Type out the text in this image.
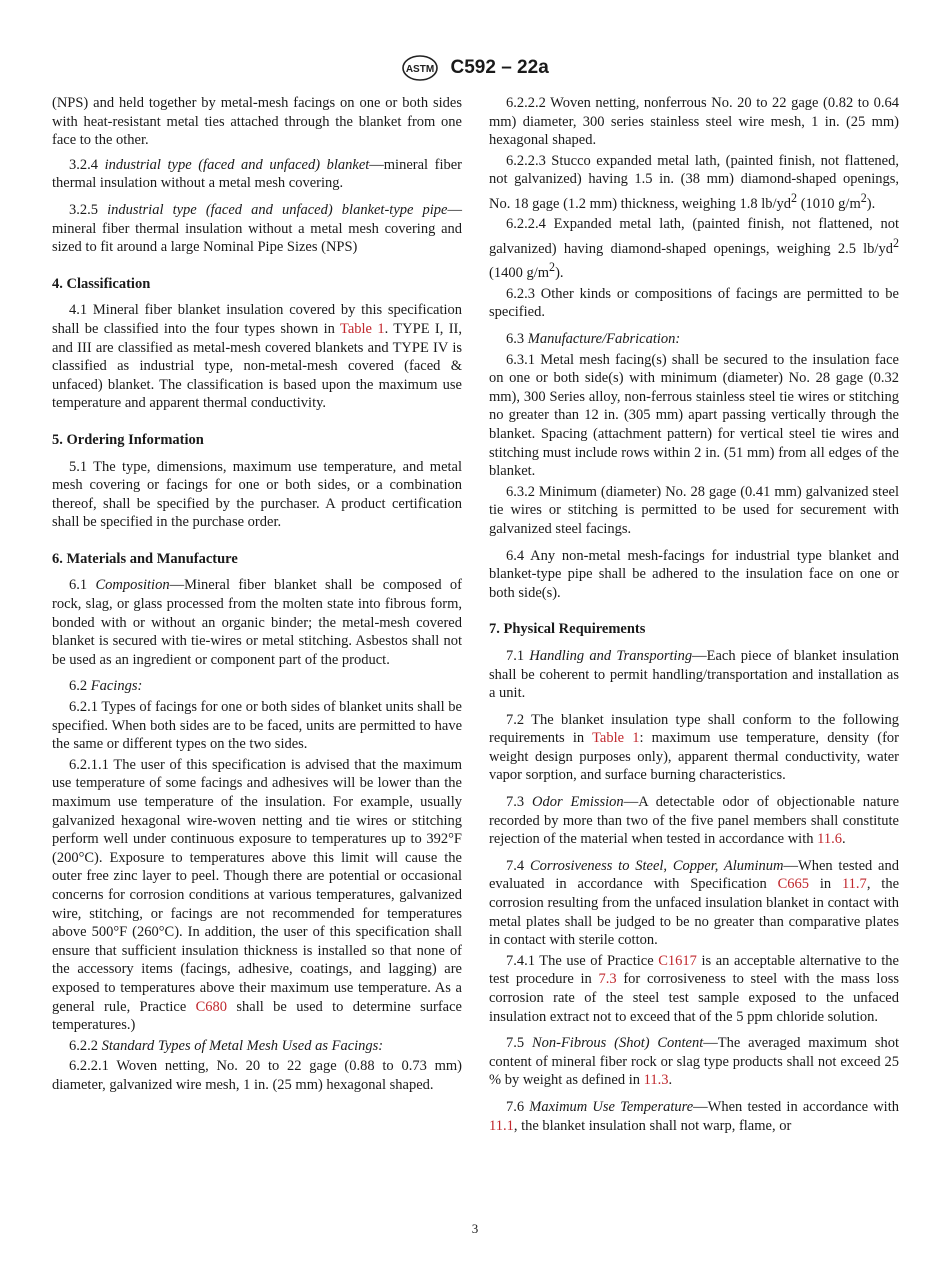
ASTM C592 – 22a

(NPS) and held together by metal-mesh facings on one or both sides with heat-resistant metal ties attached through the blanket from one face to the other.

3.2.4 industrial type (faced and unfaced) blanket—mineral fiber thermal insulation without a metal mesh covering.

3.2.5 industrial type (faced and unfaced) blanket-type pipe—mineral fiber thermal insulation without a metal mesh covering and sized to fit around a large Nominal Pipe Sizes (NPS)

4. Classification

4.1 Mineral fiber blanket insulation covered by this specification shall be classified into the four types shown in Table 1. TYPE I, II, and III are classified as metal-mesh covered blankets and TYPE IV is classified as industrial type, non-metal-mesh covered (faced & unfaced) blanket. The classification is based upon the maximum use temperature and apparent thermal conductivity.

5. Ordering Information

5.1 The type, dimensions, maximum use temperature, and metal mesh covering or facings for one or both sides, or a combination thereof, shall be specified by the purchaser. A product certification shall be specified in the purchase order.

6. Materials and Manufacture

6.1 Composition—Mineral fiber blanket shall be composed of rock, slag, or glass processed from the molten state into fibrous form, bonded with or without an organic binder; the metal-mesh covered blanket is secured with tie-wires or metal stitching. Asbestos shall not be used as an ingredient or component part of the product.

6.2 Facings:

6.2.1 Types of facings for one or both sides of blanket units shall be specified. When both sides are to be faced, units are permitted to have the same or different types on the two sides.

6.2.1.1 The user of this specification is advised that the maximum use temperature of some facings and adhesives will be lower than the maximum use temperature of the insulation. For example, usually galvanized hexagonal wire-woven netting and tie wires or stitching perform well under continuous exposure to temperatures up to 392°F (200°C). Exposure to temperatures above this limit will cause the outer free zinc layer to peel. Though there are potential or occasional concerns for corrosion conditions at various temperatures, galvanized wire, stitching, or facings are not recommended for temperatures above 500°F (260°C). In addition, the user of this specification shall ensure that sufficient insulation thickness is installed so that none of the accessory items (facings, adhesive, coatings, and lagging) are exposed to temperatures above their maximum use temperature. As a general rule, Practice C680 shall be used to determine surface temperatures.)

6.2.2 Standard Types of Metal Mesh Used as Facings:

6.2.2.1 Woven netting, No. 20 to 22 gage (0.88 to 0.73 mm) diameter, galvanized wire mesh, 1 in. (25 mm) hexagonal shaped.

6.2.2.2 Woven netting, nonferrous No. 20 to 22 gage (0.82 to 0.64 mm) diameter, 300 series stainless steel wire mesh, 1 in. (25 mm) hexagonal shaped.

6.2.2.3 Stucco expanded metal lath, (painted finish, not flattened, not galvanized) having 1.5 in. (38 mm) diamond-shaped openings, No. 18 gage (1.2 mm) thickness, weighing 1.8 $lb/yd^2$ (1010 $g/m^2$).

6.2.2.4 Expanded metal lath, (painted finish, not flattened, not galvanized) having diamond-shaped openings, weighing 2.5 $lb/yd^2$ (1400 $g/m^2$).

6.2.3 Other kinds or compositions of facings are permitted to be specified.

6.3 Manufacture/Fabrication:

6.3.1 Metal mesh facing(s) shall be secured to the insulation face on one or both side(s) with minimum (diameter) No. 28 gage (0.32 mm), 300 Series alloy, non-ferrous stainless steel tie wires or stitching no greater than 12 in. (305 mm) apart passing vertically through the blanket. Spacing (attachment pattern) for vertical steel tie wires and stitching must include rows within 2 in. (51 mm) from all edges of the blanket.

6.3.2 Minimum (diameter) No. 28 gage (0.41 mm) galvanized steel tie wires or stitching is permitted to be used for securement with galvanized steel facings.

6.4 Any non-metal mesh-facings for industrial type blanket and blanket-type pipe shall be adhered to the insulation face on one or both side(s).

7. Physical Requirements

7.1 Handling and Transporting—Each piece of blanket insulation shall be coherent to permit handling/transportation and installation as a unit.

7.2 The blanket insulation type shall conform to the following requirements in Table 1: maximum use temperature, density (for weight design purposes only), apparent thermal conductivity, water vapor sorption, and surface burning characteristics.

7.3 Odor Emission—A detectable odor of objectionable nature recorded by more than two of the five panel members shall constitute rejection of the material when tested in accordance with 11.6.

7.4 Corrosiveness to Steel, Copper, Aluminum—When tested and evaluated in accordance with Specification C665 in 11.7, the corrosion resulting from the unfaced insulation blanket in contact with metal plates shall be judged to be no greater than comparative plates in contact with sterile cotton.

7.4.1 The use of Practice C1617 is an acceptable alternative to the test procedure in 7.3 for corrosiveness to steel with the mass loss corrosion rate of the steel test sample exposed to the unfaced insulation extract not to exceed that of the 5 ppm chloride solution.

7.5 Non-Fibrous (Shot) Content—The averaged maximum shot content of mineral fiber rock or slag type products shall not exceed 25 % by weight as defined in 11.3.

7.6 Maximum Use Temperature—When tested in accordance with 11.1, the blanket insulation shall not warp, flame, or

3
